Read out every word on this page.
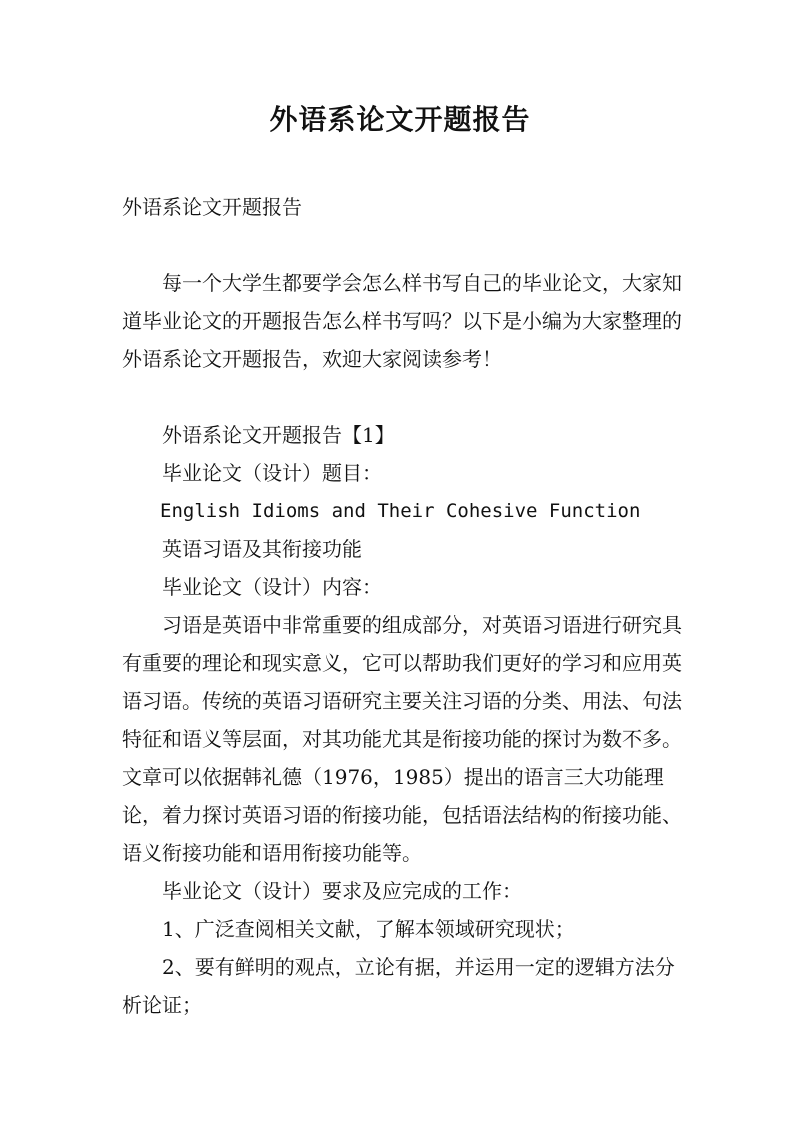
外语系论文开题报告

外语系论文开题报告

每一个大学生都要学会怎么样书写自己的毕业论文，大家知道毕业论文的开题报告怎么样书写吗？以下是小编为大家整理的外语系论文开题报告，欢迎大家阅读参考！

外语系论文开题报告【1】

毕业论文（设计）题目：

English Idioms and Their Cohesive Function

英语习语及其衔接功能

毕业论文（设计）内容：

习语是英语中非常重要的组成部分，对英语习语进行研究具有重要的理论和现实意义，它可以帮助我们更好的学习和应用英语习语。传统的英语习语研究主要关注习语的分类、用法、句法特征和语义等层面，对其功能尤其是衔接功能的探讨为数不多。文章可以依据韩礼德（1976，1985）提出的语言三大功能理论，着力探讨英语习语的衔接功能，包括语法结构的衔接功能、语义衔接功能和语用衔接功能等。

毕业论文（设计）要求及应完成的工作：

1、广泛查阅相关文献，了解本领域研究现状；

2、要有鲜明的观点，立论有据，并运用一定的逻辑方法分析论证；
